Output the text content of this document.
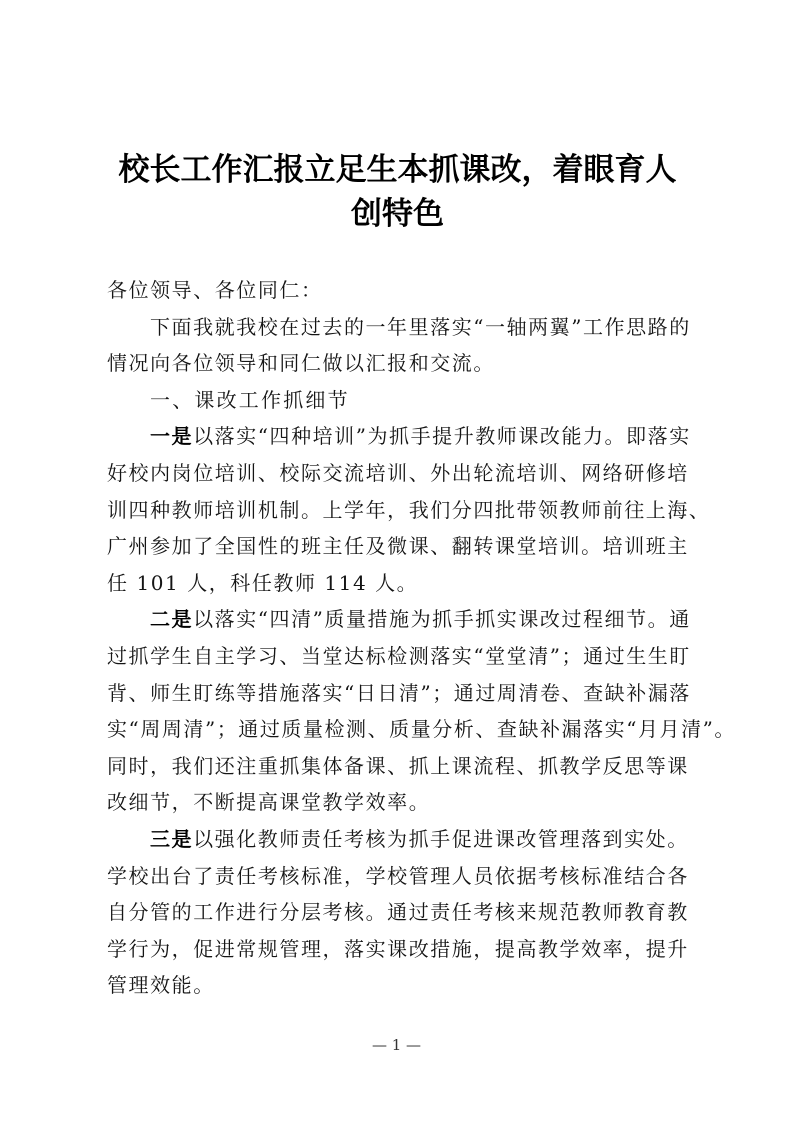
校长工作汇报立足生本抓课改，着眼育人
创特色
各位领导、各位同仁：
下面我就我校在过去的一年里落实“一轴两翼”工作思路的
情况向各位领导和同仁做以汇报和交流。
一、课改工作抓细节
一是以落实“四种培训”为抓手提升教师课改能力。即落实
好校内岗位培训、校际交流培训、外出轮流培训、网络研修培
训四种教师培训机制。上学年，我们分四批带领教师前往上海、
广州参加了全国性的班主任及微课、翻转课堂培训。培训班主
任 101 人，科任教师 114 人。
二是以落实“四清”质量措施为抓手抓实课改过程细节。通
过抓学生自主学习、当堂达标检测落实“堂堂清”；通过生生盯
背、师生盯练等措施落实“日日清”；通过周清卷、查缺补漏落
实“周周清”；通过质量检测、质量分析、查缺补漏落实“月月清”。
同时，我们还注重抓集体备课、抓上课流程、抓教学反思等课
改细节，不断提高课堂教学效率。
三是以强化教师责任考核为抓手促进课改管理落到实处。
学校出台了责任考核标准，学校管理人员依据考核标准结合各
自分管的工作进行分层考核。通过责任考核来规范教师教育教
学行为，促进常规管理，落实课改措施，提高教学效率，提升
管理效能。
— 1 —
